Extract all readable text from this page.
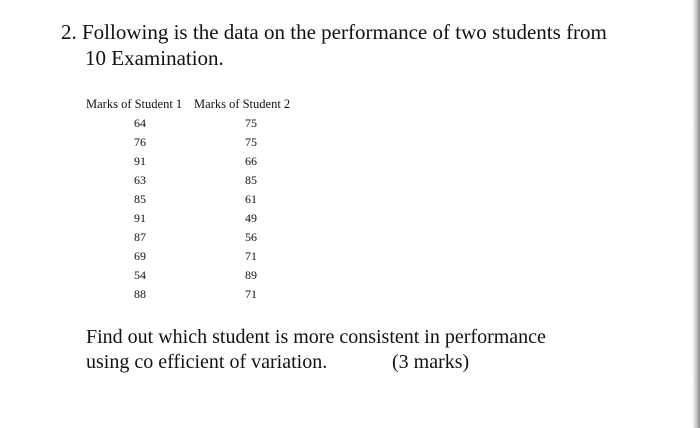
2. Following is the data on the performance of two students from
10 Examination.
Marks of Student 1 Marks of Student 2
64
76
91
63
85
91
87
69
54
88
75
75
66
85
61
49
56
71
89
71
Find out which student is more consistent in performance
using co efficient of variation.	(3 marks)
